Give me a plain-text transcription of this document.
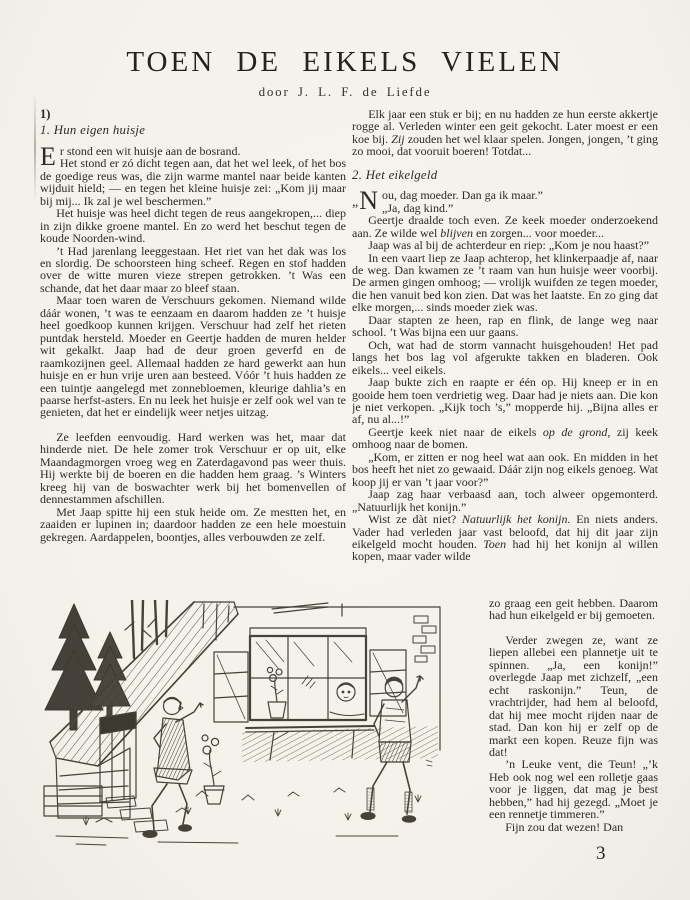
TOEN DE EIKELS VIELEN
door J. L. F. de Liefde
1)
1. Hun eigen huisje

Er stond een wit huisje aan de bosrand.
Het stond er zó dicht tegen aan, dat het wel leek, of het bos de goedige reus was, die zijn warme mantel naar beide kanten wijduit hield; — en tegen het kleine huisje zei: „Kom jij maar bij mij... Ik zal je wel beschermen.”

Het huisje was heel dicht tegen de reus aangekropen,... diep in zijn dikke groene mantel. En zo werd het beschut tegen de koude Noorden-wind.

’t Had jarenlang leeggestaan. Het riet van het dak was los en slordig. De schoorsteen hing scheef. Regen en stof hadden over de witte muren vieze strepen getrokken. ’t Was een schande, dat het daar maar zo bleef staan.

Maar toen waren de Verschuurs gekomen. Niemand wilde dáár wonen, ’t was te eenzaam en daarom hadden ze ’t huisje heel goedkoop kunnen krijgen. Verschuur had zelf het rieten puntdak hersteld. Moeder en Geertje hadden de muren helder wit gekalkt. Jaap had de deur groen geverfd en de raamkozijnen geel. Allemaal hadden ze hard gewerkt aan hun huisje en er hun vrije uren aan besteed. Vóór ’t huis hadden ze een tuintje aangelegd met zonnebloemen, kleurige dahlia’s en paarse herfst-asters. En nu leek het huisje er zelf ook wel van te genieten, dat het er eindelijk weer netjes uitzag.

Ze leefden eenvoudig. Hard werken was het, maar dat hinderde niet. De hele zomer trok Verschuur er op uit, elke Maandagmorgen vroeg weg en Zaterdagavond pas weer thuis. Hij werkte bij de boeren en die hadden hem graag. ’s Winters kreeg hij van de boswachter werk bij het bomenvellen of dennestammen afschillen.

Met Jaap spitte hij een stuk heide om. Ze mestten het, en zaaiden er lupinen in; daardoor hadden ze een hele moestuin gekregen. Aardappelen, boontjes, alles verbouwden ze zelf.

Elk jaar een stuk er bij; en nu hadden ze hun eerste akkertje rogge al. Verleden winter een geit gekocht. Later moest er een koe bij. Zij zouden het wel klaar spelen. Jongen, jongen, ’t ging zo mooi, dat vooruit boeren! Totdat...

2. Het eikelgeld

„ N ou, dag moeder. Dan ga ik maar.”
„Ja, dag kind.”

Geertje draalde toch even. Ze keek moeder onderzoekend aan. Ze wilde wel blijven en zorgen... voor moeder...

Jaap was al bij de achterdeur en riep: „Kom je nou haast?”

In een vaart liep ze Jaap achterop, het klinkerpaadje af, naar de weg. Dan kwamen ze ’t raam van hun huisje weer voorbij. De armen gingen omhoog; — vrolijk wuifden ze tegen moeder, die hen vanuit bed kon zien. Dat was het laatste. En zo ging dat elke morgen,... sinds moeder ziek was.

Daar stapten ze heen, rap en flink, de lange weg naar school. ’t Was bijna een uur gaans.

Och, wat had de storm vannacht huisgehouden! Het pad langs het bos lag vol afgerukte takken en bladeren. Ook eikels... veel eikels.

Jaap bukte zich en raapte er één op. Hij kneep er in en gooide hem toen verdrietig weg. Daar had je niets aan. Die kon je niet verkopen. „Kijk toch ’s,” mopperde hij. „Bijna alles er af, nu al...!”

Geertje keek niet naar de eikels op de grond, zij keek omhoog naar de bomen.

„Kom, er zitten er nog heel wat aan ook. En midden in het bos heeft het niet zo gewaaid. Dáár zijn nog eikels genoeg. Wat koop jij er van ’t jaar voor?”

Jaap zag haar verbaasd aan, toch alweer opgemonterd. „Natuurlijk het konijn.”

Wist ze dàt niet? Natuurlijk het konijn. En niets anders. Vader had verleden jaar vast beloofd, dat hij dit jaar zijn eikelgeld mocht houden. Toen had hij het konijn al willen kopen, maar vader wilde

zo graag een geit hebben. Daarom had hun eikelgeld er bij gemoeten.

Verder zwegen ze, want ze liepen allebei een plannetje uit te spinnen. „Ja, een konijn!” overlegde Jaap met zichzelf, „een echt raskonijn.” Teun, de vrachtrijder, had hem al beloofd, dat hij mee mocht rijden naar de stad. Dan kon hij er zelf op de markt een kopen. Reuze fijn was dat!

’n Leuke vent, die Teun! „’k Heb ook nog wel een rolletje gaas voor je liggen, dat mag je best hebben,” had hij gezegd. „Moet je een rennetje timmeren.”

Fijn zou dat wezen! Dan

3
